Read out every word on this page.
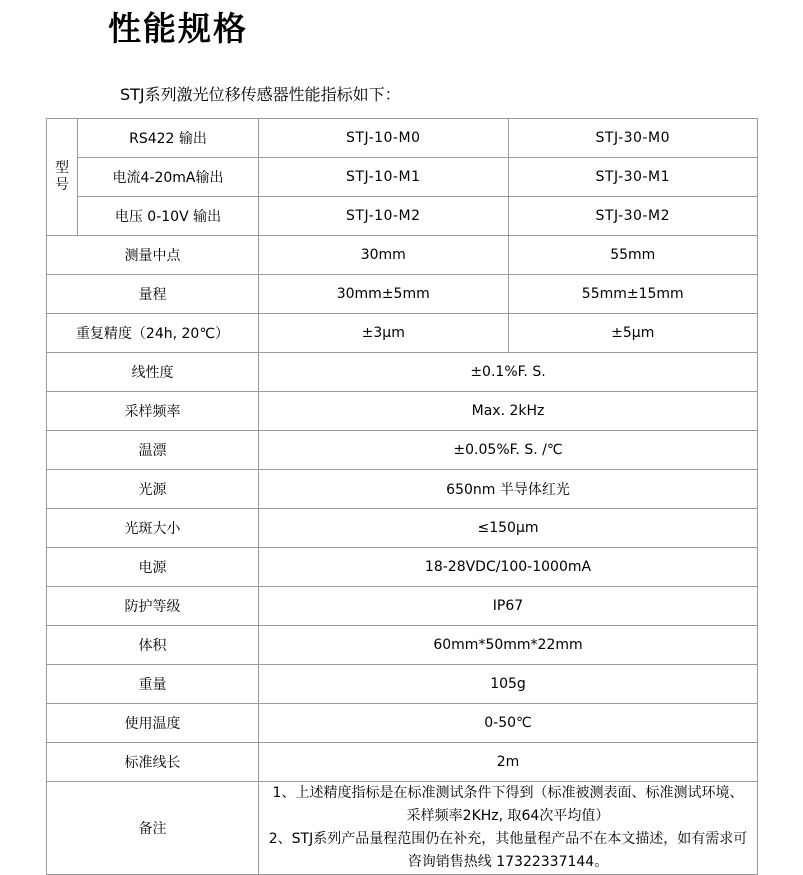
性能规格
STJ系列激光位移传感器性能指标如下：
型
号	RS422 输出	STJ-10-M0	STJ-30-M0
	电流4-20mA输出	STJ-10-M1	STJ-30-M1
	电压 0-10V 输出	STJ-10-M2	STJ-30-M2
测量中点		30mm	55mm
量程		30mm±5mm	55mm±15mm
重复精度（24h, 20℃）		±3μm	±5μm
线性度		±0.1%F. S.	
采样频率		Max. 2kHz	
温漂		±0.05%F. S. /℃	
光源		650nm 半导体红光	
光斑大小		≤150μm	
电源		18-28VDC/100-1000mA	
防护等级		IP67	
体积		60mm*50mm*22mm	
重量		105g	
使用温度		0-50℃	
标准线长		2m	
备注		1、上述精度指标是在标准测试条件下得到（标准被测表面、标准测试环境、
采样频率2KHz, 取64次平均值）
2、STJ系列产品量程范围仍在补充，其他量程产品不在本文描述，如有需求可
咨询销售热线 17322337144。	
